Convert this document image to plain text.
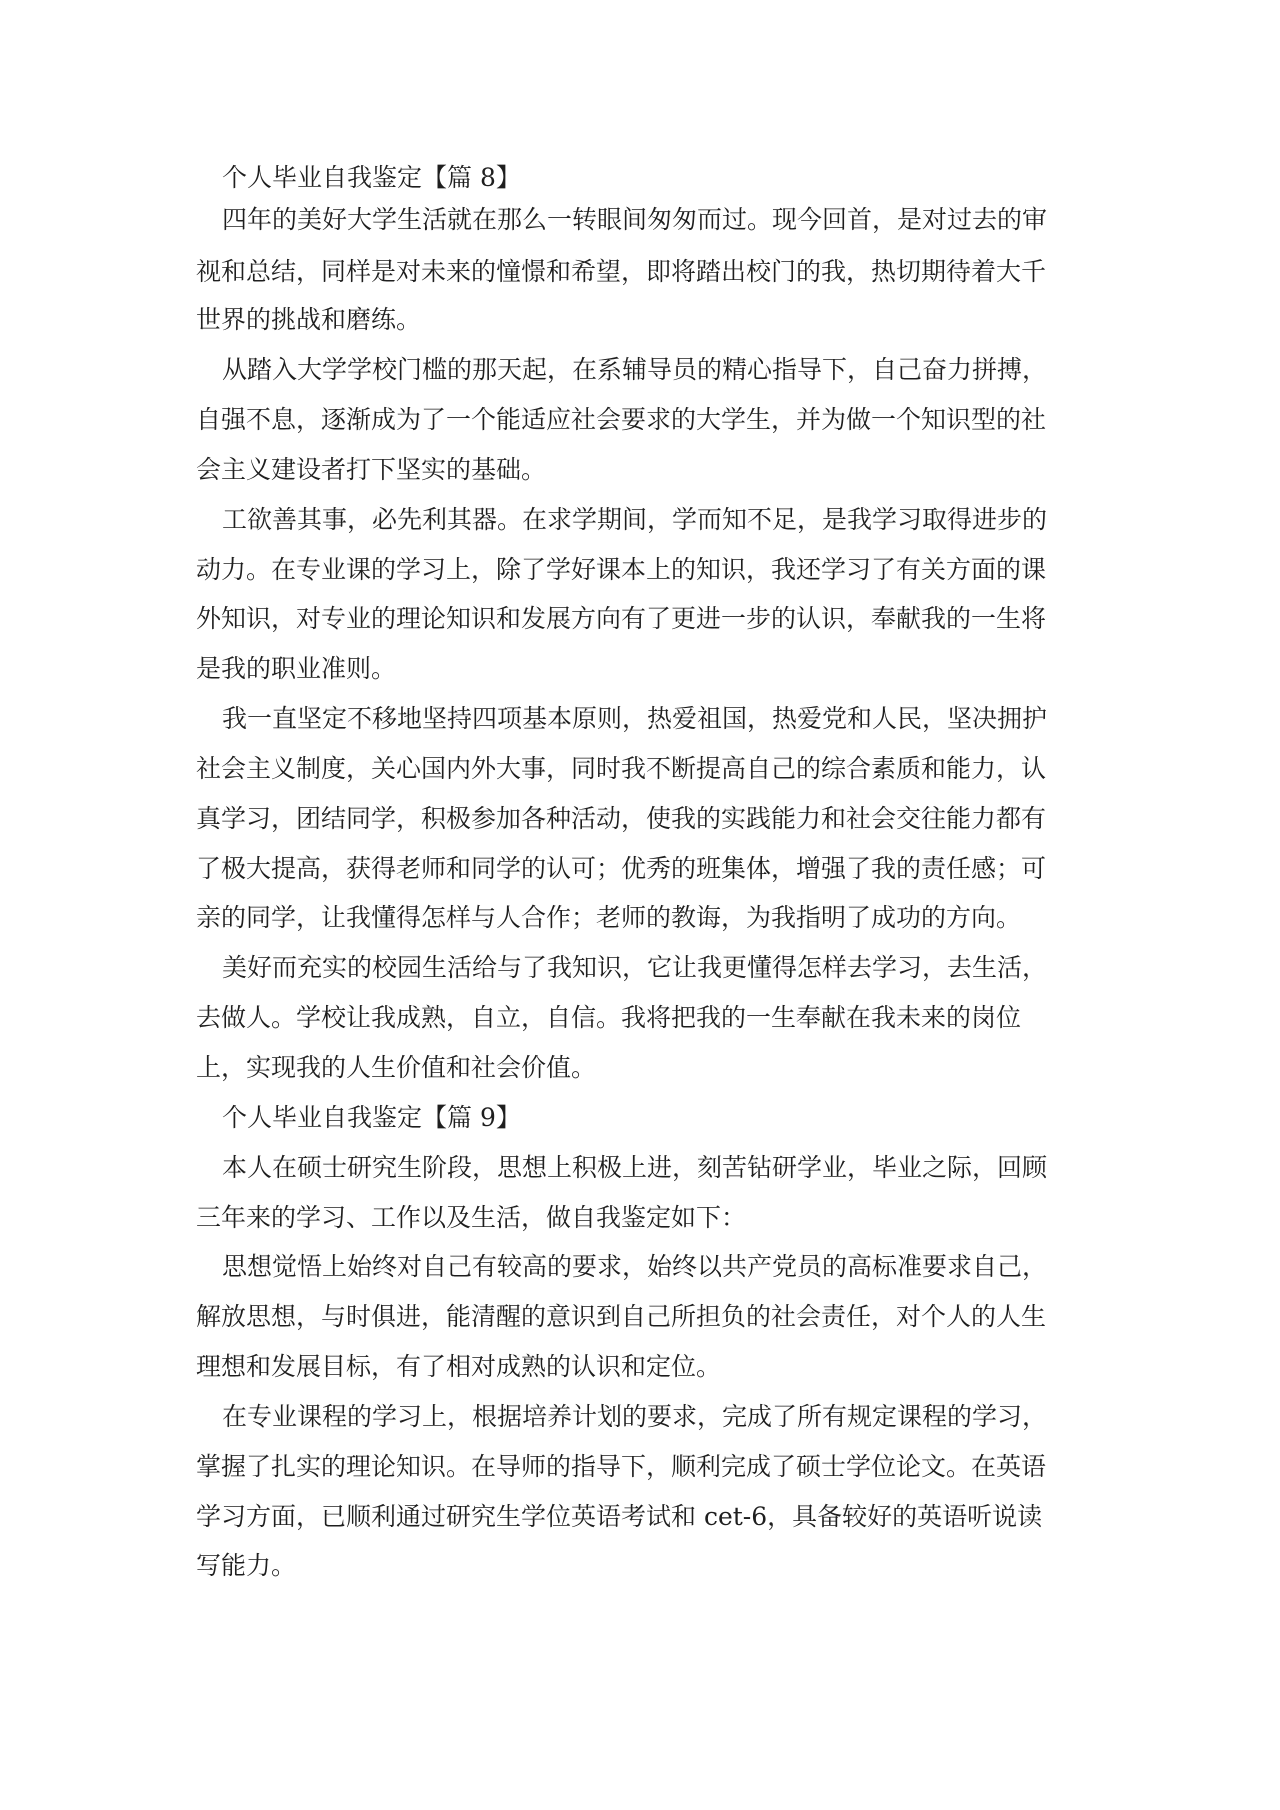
个人毕业自我鉴定【篇 8】
四年的美好大学生活就在那么一转眼间匆匆而过。现今回首，是对过去的审
视和总结，同样是对未来的憧憬和希望，即将踏出校门的我，热切期待着大千
世界的挑战和磨练。
从踏入大学学校门槛的那天起，在系辅导员的精心指导下，自己奋力拼搏，
自强不息，逐渐成为了一个能适应社会要求的大学生，并为做一个知识型的社
会主义建设者打下坚实的基础。
工欲善其事，必先利其器。在求学期间，学而知不足，是我学习取得进步的
动力。在专业课的学习上，除了学好课本上的知识，我还学习了有关方面的课
外知识，对专业的理论知识和发展方向有了更进一步的认识，奉献我的一生将
是我的职业准则。
我一直坚定不移地坚持四项基本原则，热爱祖国，热爱党和人民，坚决拥护
社会主义制度，关心国内外大事，同时我不断提高自己的综合素质和能力，认
真学习，团结同学，积极参加各种活动，使我的实践能力和社会交往能力都有
了极大提高，获得老师和同学的认可；优秀的班集体，增强了我的责任感；可
亲的同学，让我懂得怎样与人合作；老师的教诲，为我指明了成功的方向。
美好而充实的校园生活给与了我知识，它让我更懂得怎样去学习，去生活，
去做人。学校让我成熟，自立，自信。我将把我的一生奉献在我未来的岗位
上，实现我的人生价值和社会价值。
个人毕业自我鉴定【篇 9】
本人在硕士研究生阶段，思想上积极上进，刻苦钻研学业，毕业之际，回顾
三年来的学习、工作以及生活，做自我鉴定如下：
思想觉悟上始终对自己有较高的要求，始终以共产党员的高标准要求自己，
解放思想，与时俱进，能清醒的意识到自己所担负的社会责任，对个人的人生
理想和发展目标，有了相对成熟的认识和定位。
在专业课程的学习上，根据培养计划的要求，完成了所有规定课程的学习，
掌握了扎实的理论知识。在导师的指导下，顺利完成了硕士学位论文。在英语
学习方面，已顺利通过研究生学位英语考试和 cet-6，具备较好的英语听说读
写能力。
